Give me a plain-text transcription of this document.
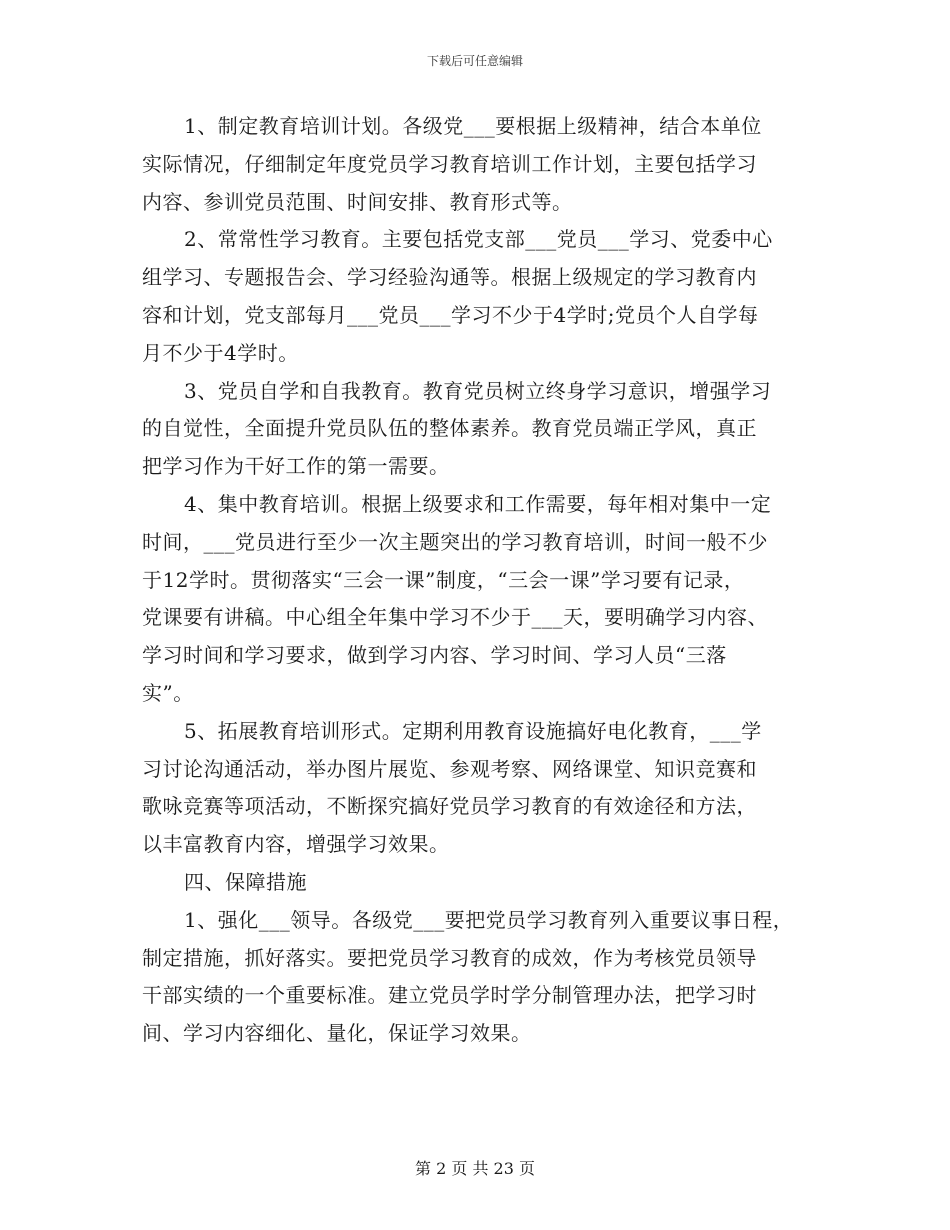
下载后可任意编辑
1、制定教育培训计划。各级党___要根据上级精神，结合本单位
实际情况，仔细制定年度党员学习教育培训工作计划，主要包括学习
内容、参训党员范围、时间安排、教育形式等。
2、常常性学习教育。主要包括党支部___党员___学习、党委中心
组学习、专题报告会、学习经验沟通等。根据上级规定的学习教育内
容和计划，党支部每月___党员___学习不少于4学时;党员个人自学每
月不少于4学时。
3、党员自学和自我教育。教育党员树立终身学习意识，增强学习
的自觉性，全面提升党员队伍的整体素养。教育党员端正学风，真正
把学习作为干好工作的第一需要。
4、集中教育培训。根据上级要求和工作需要，每年相对集中一定
时间，___党员进行至少一次主题突出的学习教育培训，时间一般不少
于12学时。贯彻落实“三会一课”制度，“三会一课”学习要有记录，
党课要有讲稿。中心组全年集中学习不少于___天，要明确学习内容、
学习时间和学习要求，做到学习内容、学习时间、学习人员“三落
实”。
5、拓展教育培训形式。定期利用教育设施搞好电化教育，___学
习讨论沟通活动，举办图片展览、参观考察、网络课堂、知识竞赛和
歌咏竞赛等项活动，不断探究搞好党员学习教育的有效途径和方法，
以丰富教育内容，增强学习效果。
四、保障措施
1、强化___领导。各级党___要把党员学习教育列入重要议事日程，
制定措施，抓好落实。要把党员学习教育的成效，作为考核党员领导
干部实绩的一个重要标准。建立党员学时学分制管理办法，把学习时
间、学习内容细化、量化，保证学习效果。
第 2 页 共 23 页
